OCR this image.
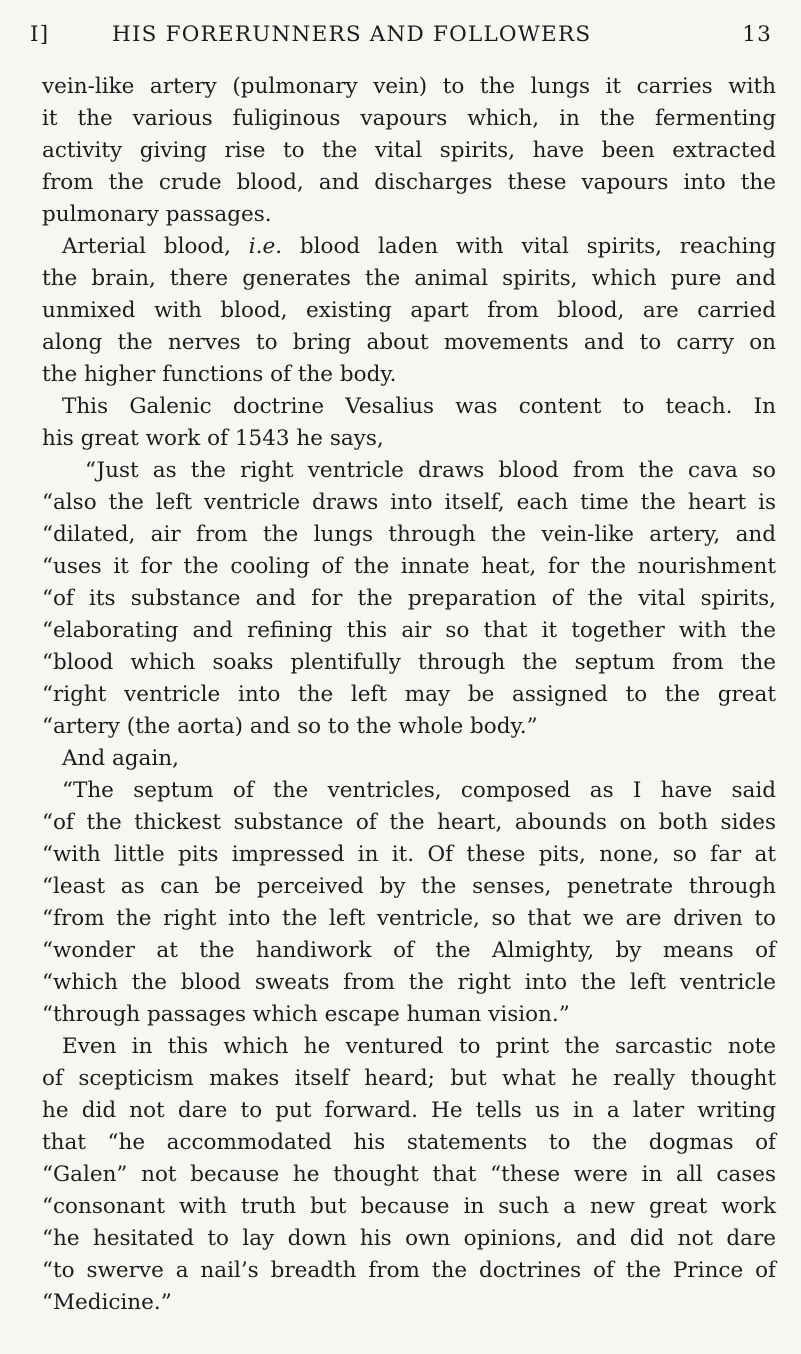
I]	HIS FORERUNNERS AND FOLLOWERS	13
vein-like artery (pulmonary vein) to the lungs it carries with
it the various fuliginous vapours which, in the fermenting
activity giving rise to the vital spirits, have been extracted
from the crude blood, and discharges these vapours into the
pulmonary passages.
Arterial blood, i.e. blood laden with vital spirits, reaching
the brain, there generates the animal spirits, which pure and
unmixed with blood, existing apart from blood, are carried
along the nerves to bring about movements and to carry on
the higher functions of the body.
This Galenic doctrine Vesalius was content to teach. In
his great work of 1543 he says,
“Just as the right ventricle draws blood from the cava so
“also the left ventricle draws into itself, each time the heart is
“dilated, air from the lungs through the vein-like artery, and
“uses it for the cooling of the innate heat, for the nourishment
“of its substance and for the preparation of the vital spirits,
“elaborating and refining this air so that it together with the
“blood which soaks plentifully through the septum from the
“right ventricle into the left may be assigned to the great
“artery (the aorta) and so to the whole body.”
And again,
“The septum of the ventricles, composed as I have said
“of the thickest substance of the heart, abounds on both sides
“with little pits impressed in it. Of these pits, none, so far at
“least as can be perceived by the senses, penetrate through
“from the right into the left ventricle, so that we are driven to
“wonder at the handiwork of the Almighty, by means of
“which the blood sweats from the right into the left ventricle
“through passages which escape human vision.”
Even in this which he ventured to print the sarcastic note
of scepticism makes itself heard; but what he really thought
he did not dare to put forward. He tells us in a later writing
that “he accommodated his statements to the dogmas of
“Galen” not because he thought that “these were in all cases
“consonant with truth but because in such a new great work
“he hesitated to lay down his own opinions, and did not dare
“to swerve a nail’s breadth from the doctrines of the Prince of
“Medicine.”
